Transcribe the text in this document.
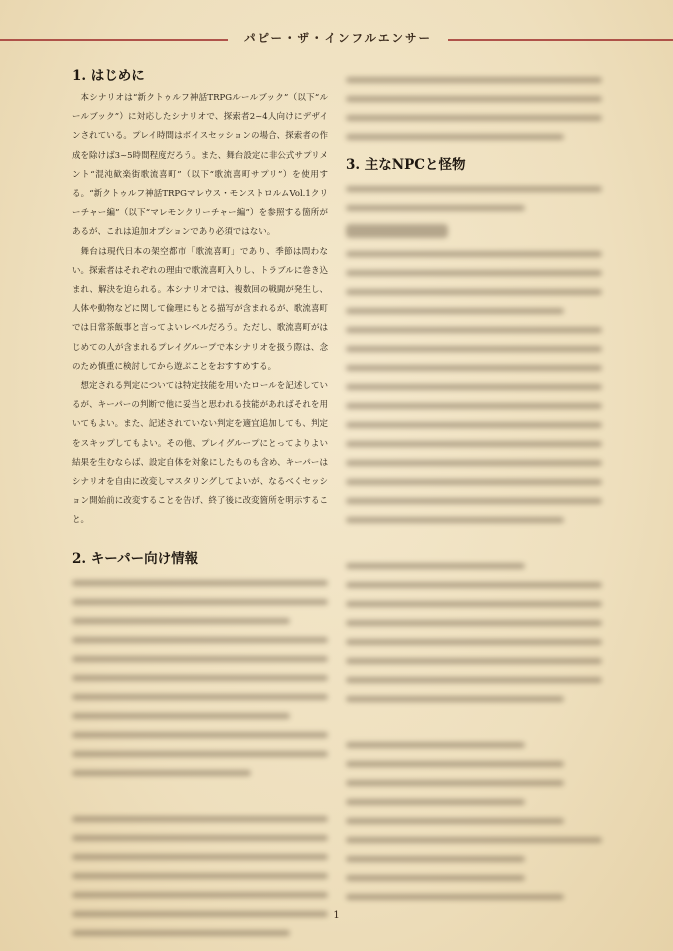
パピー・ザ・インフルエンサー
1. はじめに

本シナリオは“新クトゥルフ神話TRPGルールブック”（以下“ルールブック”）に対応したシナリオで、探索者2~4人向けにデザインされている。プレイ時間はボイスセッションの場合、探索者の作成を除けば3~5時間程度だろう。また、舞台設定に非公式サプリメント“混沌歓楽街歌流喜町”（以下“歌流喜町サプリ”）を使用する。“新クトゥルフ神話TRPGマレウス・モンストロルムVol.1クリーチャー編”（以下“マレモンクリーチャー編”）を参照する箇所があるが、これは追加オプションであり必須ではない。

舞台は現代日本の架空都市「歌流喜町」であり、季節は問わない。探索者はそれぞれの理由で歌流喜町入りし、トラブルに巻き込まれ、解決を迫られる。本シナリオでは、複数回の戦闘が発生し、人体や動物などに関して倫理にもとる描写が含まれるが、歌流喜町では日常茶飯事と言ってよいレベルだろう。ただし、歌流喜町がはじめての人が含まれるプレイグループで本シナリオを扱う際は、念のため慎重に検討してから遊ぶことをおすすめする。

想定される判定については特定技能を用いたロールを記述しているが、キーパーの判断で他に妥当と思われる技能があればそれを用いてもよい。また、記述されていない判定を適宜追加しても、判定をスキップしてもよい。その他、プレイグループにとってよりよい結果を生むならば、設定自体を対象にしたものも含め、キーパーはシナリオを自由に改変しマスタリングしてよいが、なるべくセッション開始前に改変することを告げ、終了後に改変箇所を明示すること。

2. キーパー向け情報
3. 主なNPCと怪物
1
